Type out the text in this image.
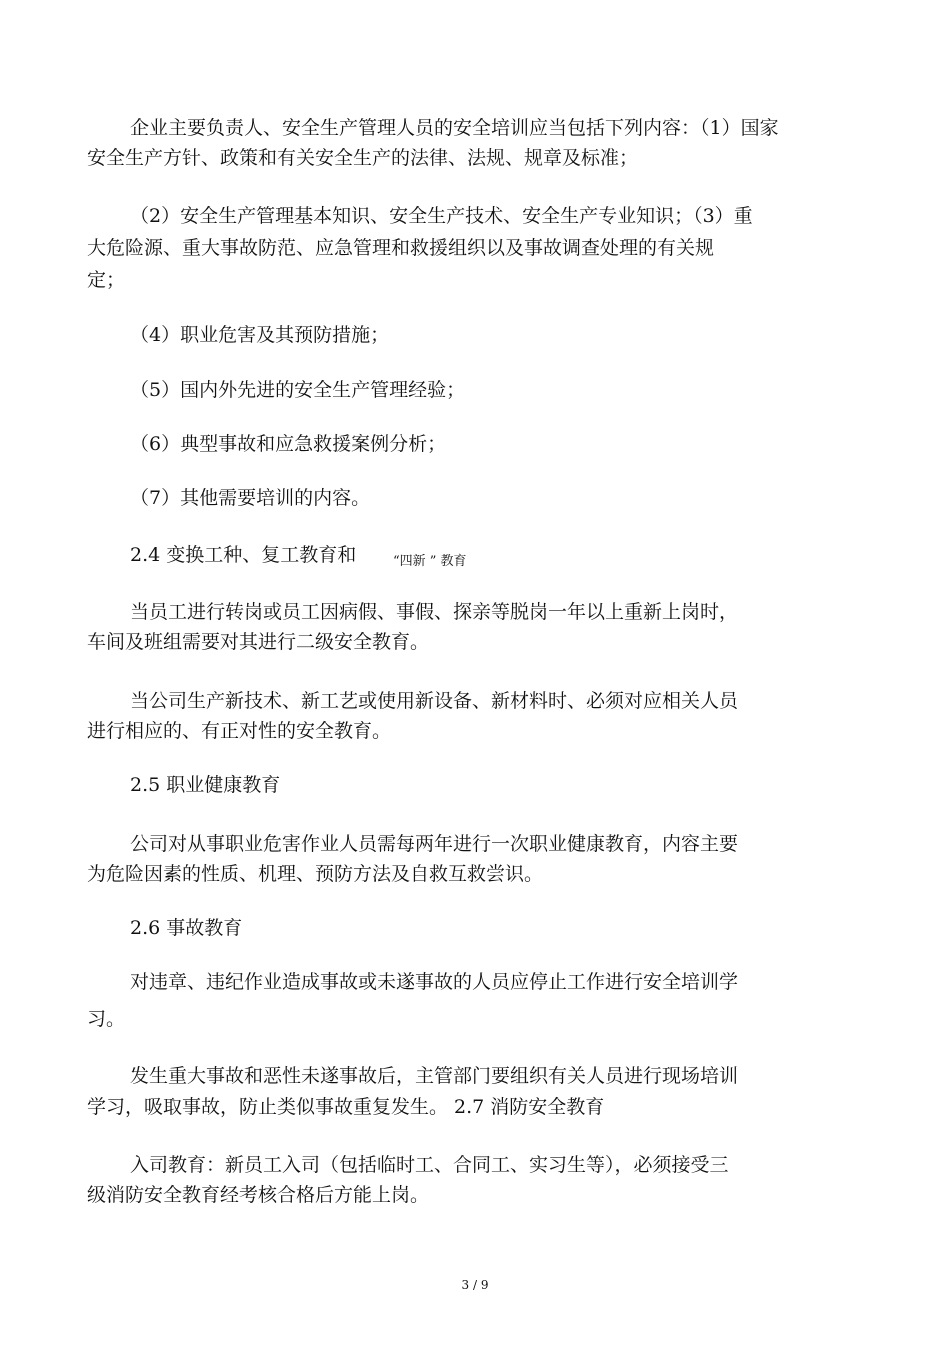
企业主要负责人、安全生产管理人员的安全培训应当包括下列内容：（1）国家
安全生产方针、政策和有关安全生产的法律、法规、规章及标准；
（2）安全生产管理基本知识、安全生产技术、安全生产专业知识；（3）重
大危险源、重大事故防范、应急管理和救援组织以及事故调查处理的有关规
定；
（4）职业危害及其预防措施；
（5）国内外先进的安全生产管理经验；
（6）典型事故和应急救援案例分析；
（7）其他需要培训的内容。
2.4 变换工种、复工教育和	“四新 ” 教育
当员工进行转岗或员工因病假、事假、探亲等脱岗一年以上重新上岗时，
车间及班组需要对其进行二级安全教育。
当公司生产新技术、新工艺或使用新设备、新材料时、必须对应相关人员
进行相应的、有正对性的安全教育。
2.5 职业健康教育
公司对从事职业危害作业人员需每两年进行一次职业健康教育，内容主要
为危险因素的性质、机理、预防方法及自救互救尝识。
2.6 事故教育
对违章、违纪作业造成事故或未遂事故的人员应停止工作进行安全培训学
习。
发生重大事故和恶性未遂事故后，主管部门要组织有关人员进行现场培训
学习，吸取事故，防止类似事故重复发生。 2.7 消防安全教育
入司教育：新员工入司（包括临时工、合同工、实习生等），必须接受三
级消防安全教育经考核合格后方能上岗。
3 / 9
